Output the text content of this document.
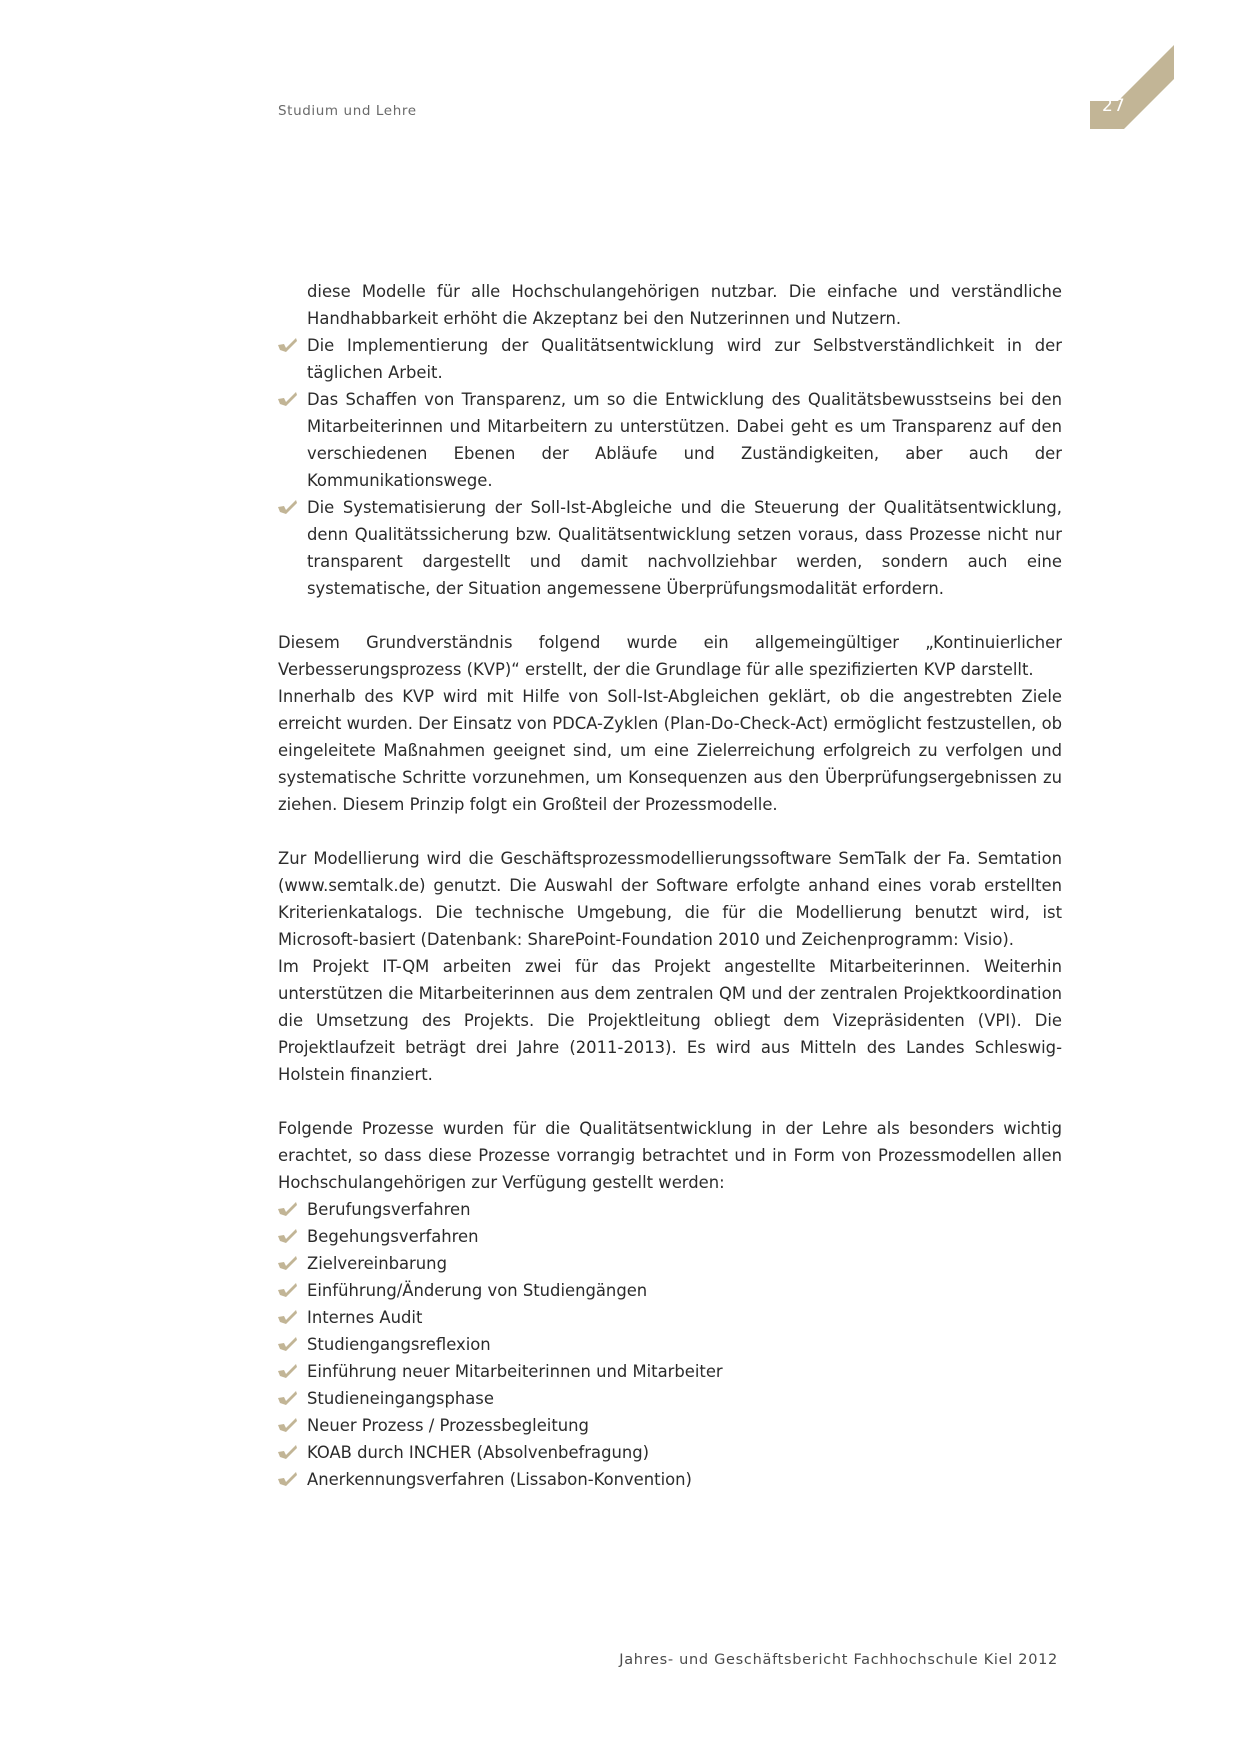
Studium und Lehre	27
diese Modelle für alle Hochschulangehörigen nutzbar. Die einfache und verständliche Handhabbarkeit erhöht die Akzeptanz bei den Nutzerinnen und Nutzern.
Die Implementierung der Qualitätsentwicklung wird zur Selbstverständlichkeit in der täglichen Arbeit.
Das Schaffen von Transparenz, um so die Entwicklung des Qualitätsbewusstseins bei den Mitarbeiterinnen und Mitarbeitern zu unterstützen. Dabei geht es um Transparenz auf den verschiedenen Ebenen der Abläufe und Zuständigkeiten, aber auch der Kommunikationswege.
Die Systematisierung der Soll-Ist-Abgleiche und die Steuerung der Qualitätsentwicklung, denn Qualitätssicherung bzw. Qualitätsentwicklung setzen voraus, dass Prozesse nicht nur transparent dargestellt und damit nachvollziehbar werden, sondern auch eine systematische, der Situation angemessene Überprüfungsmodalität erfordern.

Diesem Grundverständnis folgend wurde ein allgemeingültiger „Kontinuierlicher Verbesserungsprozess (KVP)“ erstellt, der die Grundlage für alle spezifizierten KVP darstellt.

Innerhalb des KVP wird mit Hilfe von Soll-Ist-Abgleichen geklärt, ob die angestrebten Ziele erreicht wurden. Der Einsatz von PDCA-Zyklen (Plan-Do-Check-Act) ermöglicht festzustellen, ob eingeleitete Maßnahmen geeignet sind, um eine Zielerreichung erfolgreich zu verfolgen und systematische Schritte vorzunehmen, um Konsequenzen aus den Überprüfungsergebnissen zu ziehen. Diesem Prinzip folgt ein Großteil der Prozessmodelle.

Zur Modellierung wird die Geschäftsprozessmodellierungssoftware SemTalk der Fa. Semtation (www.semtalk.de) genutzt. Die Auswahl der Software erfolgte anhand eines vorab erstellten Kriterienkatalogs. Die technische Umgebung, die für die Modellierung benutzt wird, ist Microsoft-basiert (Datenbank: SharePoint-Foundation 2010 und Zeichenprogramm: Visio).

Im Projekt IT-QM arbeiten zwei für das Projekt angestellte Mitarbeiterinnen. Weiterhin unterstützen die Mitarbeiterinnen aus dem zentralen QM und der zentralen Projektkoordination die Umsetzung des Projekts. Die Projektleitung obliegt dem Vizepräsidenten (VPI). Die Projektlaufzeit beträgt drei Jahre (2011-2013). Es wird aus Mitteln des Landes Schleswig-Holstein finanziert.

Folgende Prozesse wurden für die Qualitätsentwicklung in der Lehre als besonders wichtig erachtet, so dass diese Prozesse vorrangig betrachtet und in Form von Prozessmodellen allen Hochschulangehörigen zur Verfügung gestellt werden:

Berufungsverfahren
Begehungsverfahren
Zielvereinbarung
Einführung/Änderung von Studiengängen
Internes Audit
Studiengangsreflexion
Einführung neuer Mitarbeiterinnen und Mitarbeiter
Studieneingangsphase
Neuer Prozess / Prozessbegleitung
KOAB durch INCHER (Absolvenbefragung)
Anerkennungsverfahren (Lissabon-Konvention)
Jahres- und Geschäftsbericht Fachhochschule Kiel 2012
